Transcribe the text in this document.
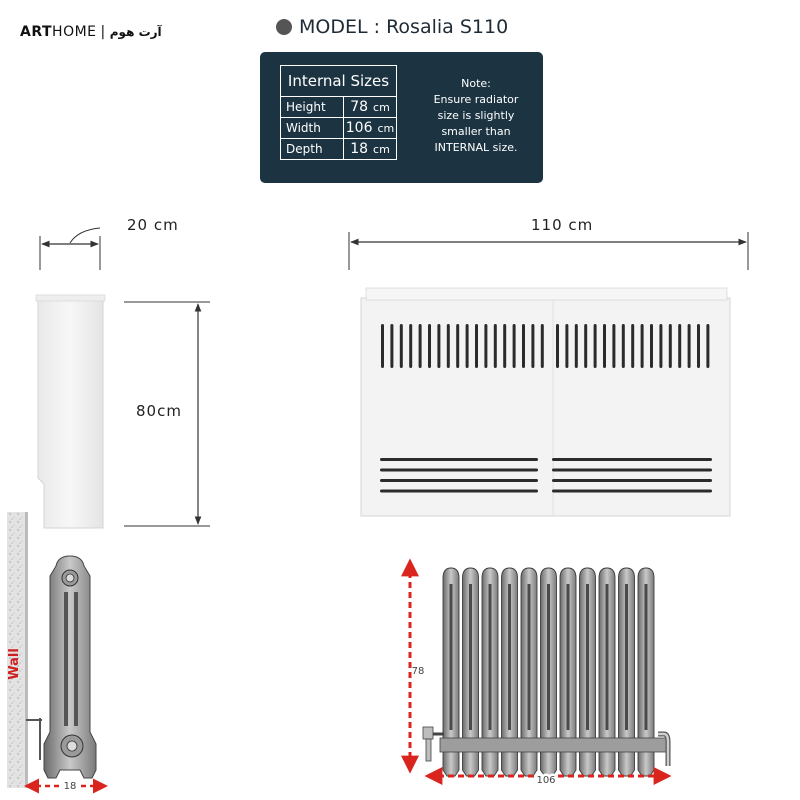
ARTHOME | آرت هوم	MODEL
:
Rosalia S110
Internal Sizes
Height	78 cm
Width	106 cm
Depth	18 cm
Note:
Ensure radiator
size is slightly
smaller than
INTERNAL size.
18
78
106
Wall
20 cm	110 cm
80cm
